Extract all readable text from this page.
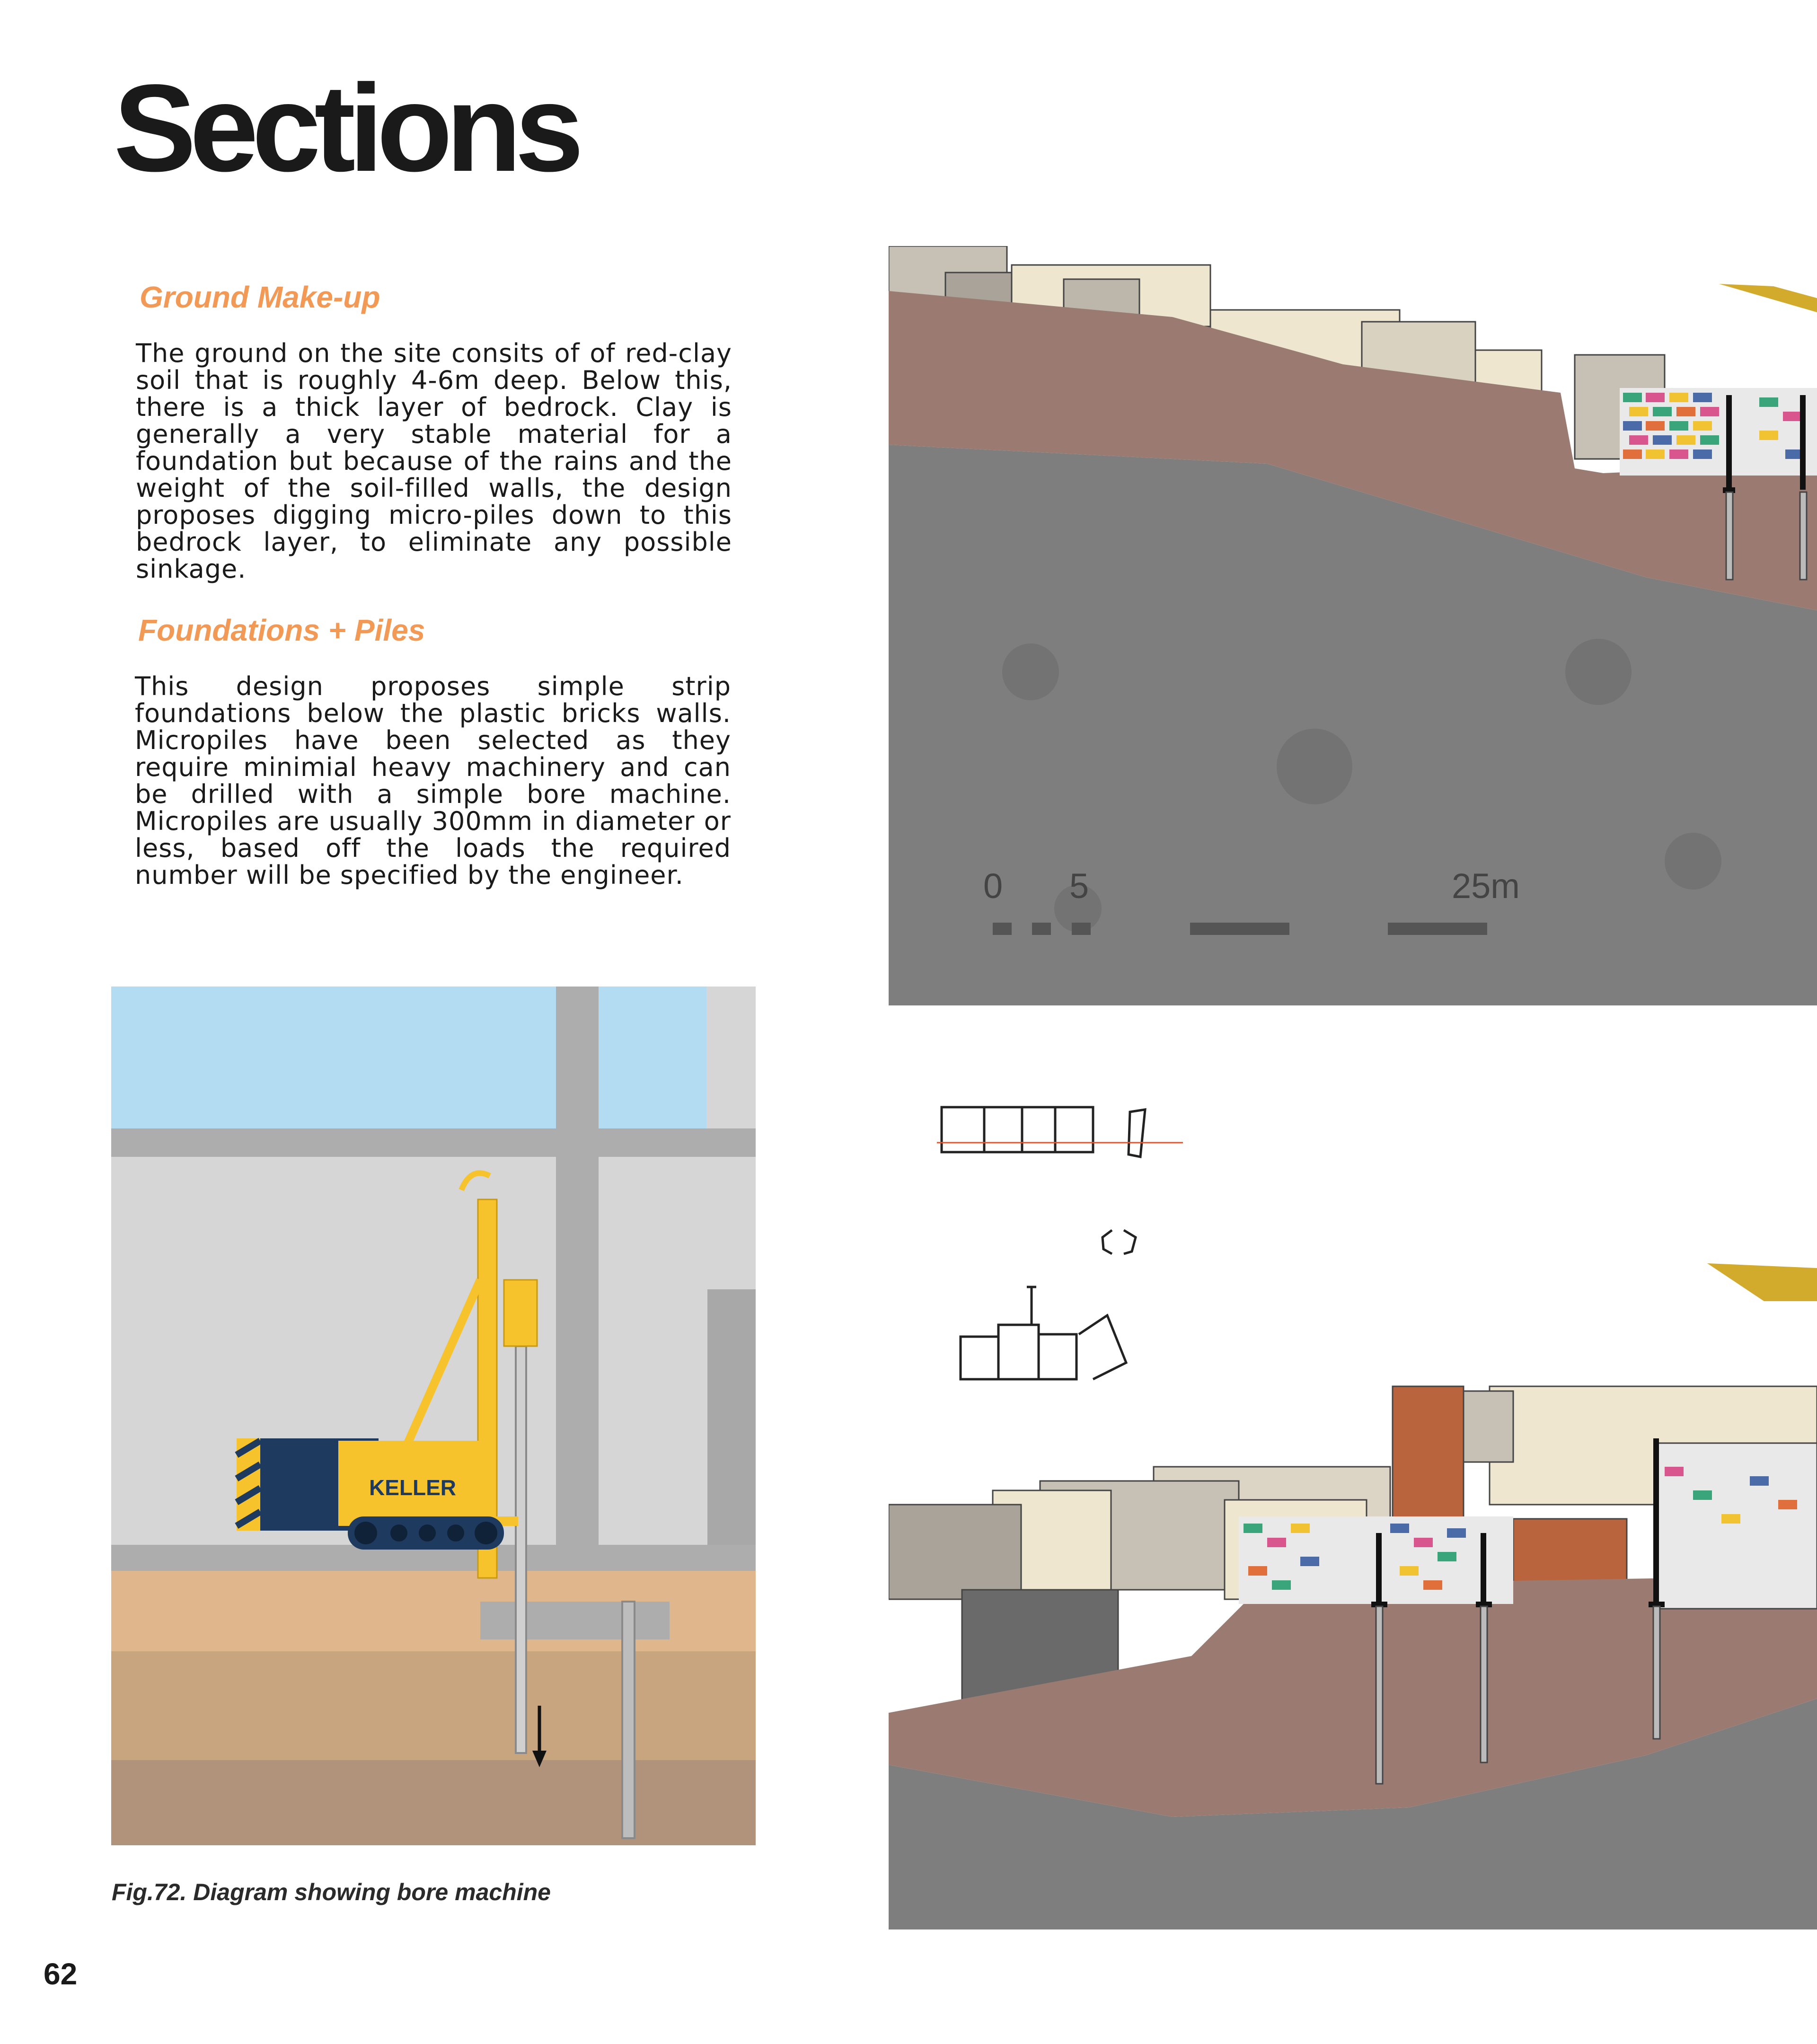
Sections
Ground Make-up

The ground on the site consits of of red-clay soil that is roughly 4-6m deep. Below this, there is a thick layer of bedrock. Clay is generally a very stable material for a foundation but because of the rains and the weight of the soil-filled walls, the design proposes digging micro-piles down to this bedrock layer, to eliminate any possible sinkage.

Foundations + Piles

This design proposes simple strip foundations below the plastic bricks walls. Micropiles have been selected as they require minimial heavy machinery and can be drilled with a simple bore machine. Micropiles are usually 300mm in diameter or less, based off the loads the required number will be specified by the engineer.

KELLER

Fig.72. Diagram showing bore machine

0 5	25m
62
